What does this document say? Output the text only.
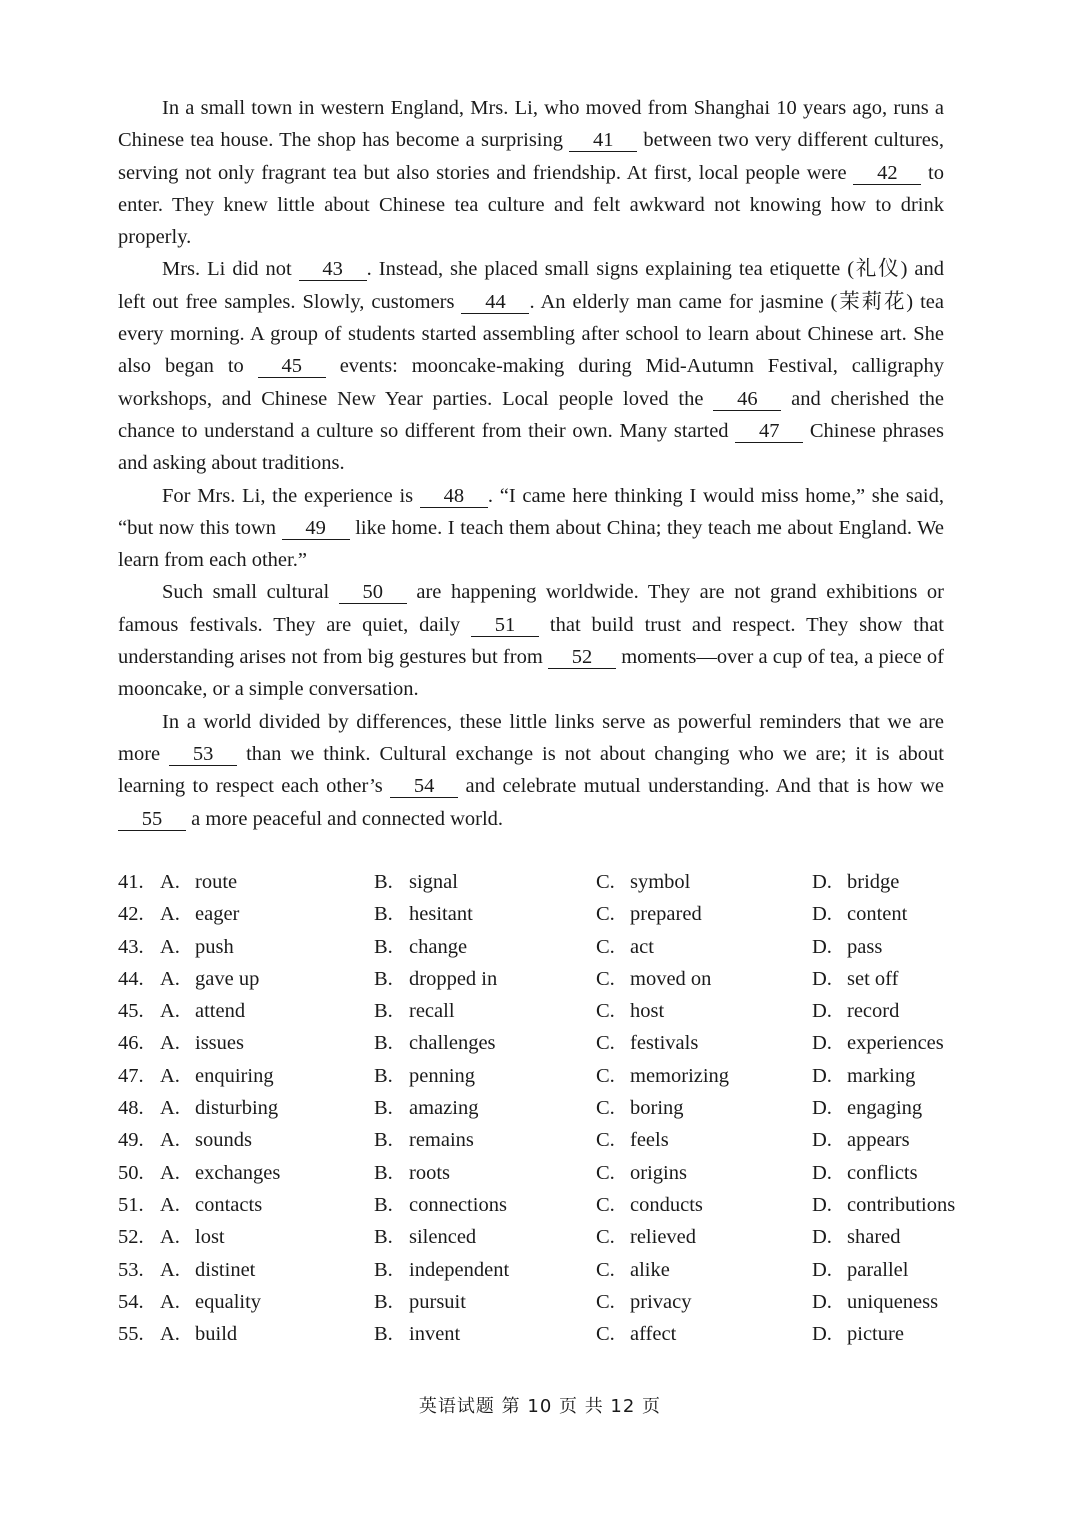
In a small town in western England, Mrs. Li, who moved from Shanghai 10 years ago, runs a Chinese tea house. The shop has become a surprising 41 between two very different cultures, serving not only fragrant tea but also stories and friendship. At first, local people were 42 to enter. They knew little about Chinese tea culture and felt awkward not knowing how to drink properly.

Mrs. Li did not 43 . Instead, she placed small signs explaining tea etiquette (礼仪) and left out free samples. Slowly, customers 44 . An elderly man came for jasmine (茉莉花) tea every morning. A group of students started assembling after school to learn about Chinese art. She also began to 45 events: mooncake-making during Mid-Autumn Festival, calligraphy workshops, and Chinese New Year parties. Local people loved the 46 and cherished the chance to understand a culture so different from their own. Many started 47 Chinese phrases and asking about traditions.

For Mrs. Li, the experience is 48 . “I came here thinking I would miss home,” she said, “but now this town 49 like home. I teach them about China; they teach me about England. We learn from each other.”

Such small cultural 50 are happening worldwide. They are not grand exhibitions or famous festivals. They are quiet, daily 51 that build trust and respect. They show that understanding arises not from big gestures but from 52 moments—over a cup of tea, a piece of mooncake, or a simple conversation.

In a world divided by differences, these little links serve as powerful reminders that we are more 53 than we think. Cultural exchange is not about changing who we are; it is about learning to respect each other’s 54 and celebrate mutual understanding. And that is how we 55 a more peaceful and connected world.

41. A. route	B. signal	C. symbol	D. bridge
42. A. eager	B. hesitant	C. prepared	D. content
43. A. push	B. change	C. act	D. pass
44. A. gave up	B. dropped in	C. moved on	D. set off
45. A. attend	B. recall	C. host	D. record
46. A. issues	B. challenges	C. festivals	D. experiences
47. A. enquiring	B. penning	C. memorizing	D. marking
48. A. disturbing	B. amazing	C. boring	D. engaging
49. A. sounds	B. remains	C. feels	D. appears
50. A. exchanges	B. roots	C. origins	D. conflicts
51. A. contacts	B. connections	C. conducts	D. contributions
52. A. lost	B. silenced	C. relieved	D. shared
53. A. distinet	B. independent	C. alike	D. parallel
54. A. equality	B. pursuit	C. privacy	D. uniqueness
55. A. build	B. invent	C. affect	D. picture
英语试题 第 10 页 共 12 页
